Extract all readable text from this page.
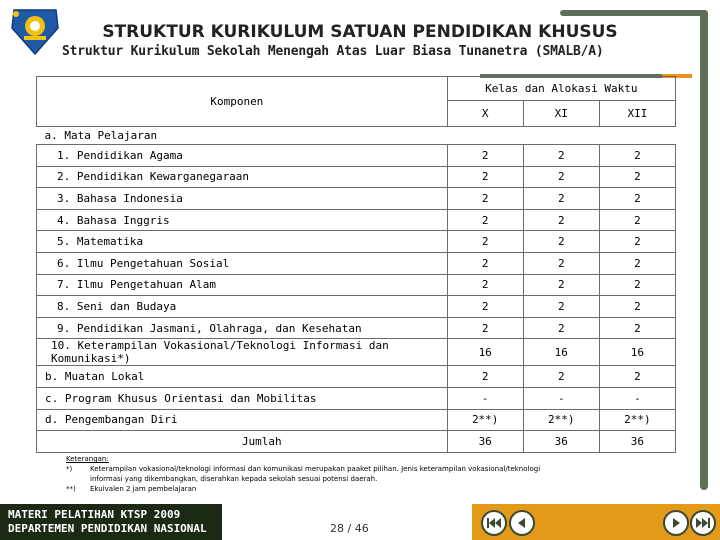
STRUKTUR KURIKULUM SATUAN PENDIDIKAN KHUSUS
Struktur Kurikulum Sekolah Menengah Atas Luar Biasa Tunanetra (SMALB/A)
Komponen	Kelas dan Alokasi Waktu		
	X	XI	XII
a. Mata Pelajaran			
1. Pendidikan Agama	2	2	2
2. Pendidikan Kewarganegaraan	2	2	2
3. Bahasa Indonesia	2	2	2
4. Bahasa Inggris	2	2	2
5. Matematika	2	2	2
6. Ilmu Pengetahuan Sosial	2	2	2
7. Ilmu Pengetahuan Alam	2	2	2
8. Seni dan Budaya	2	2	2
9. Pendidikan Jasmani, Olahraga, dan Kesehatan	2	2	2
10. Keterampilan Vokasional/Teknologi Informasi dan Komunikasi*)	16	16	16
b. Muatan Lokal	2	2	2
c. Program Khusus Orientasi dan Mobilitas	-	-	-
d. Pengembangan Diri	2**)	2**)	2**)
Jumlah	36	36	36
Keterangan:
*)	Keterampilan vokasional/teknologi informasi dan komunikasi merupakan paaket pilihan. Jenis keterampilan vokasional/teknologi
informasi yang dikembangkan, diserahkan kepada sekolah sesuai potensi daerah.
**)	Ekuivalen 2 jam pembelajaran
MATERI PELATIHAN KTSP 2009
DEPARTEMEN PENDIDIKAN NASIONAL	28 / 46
